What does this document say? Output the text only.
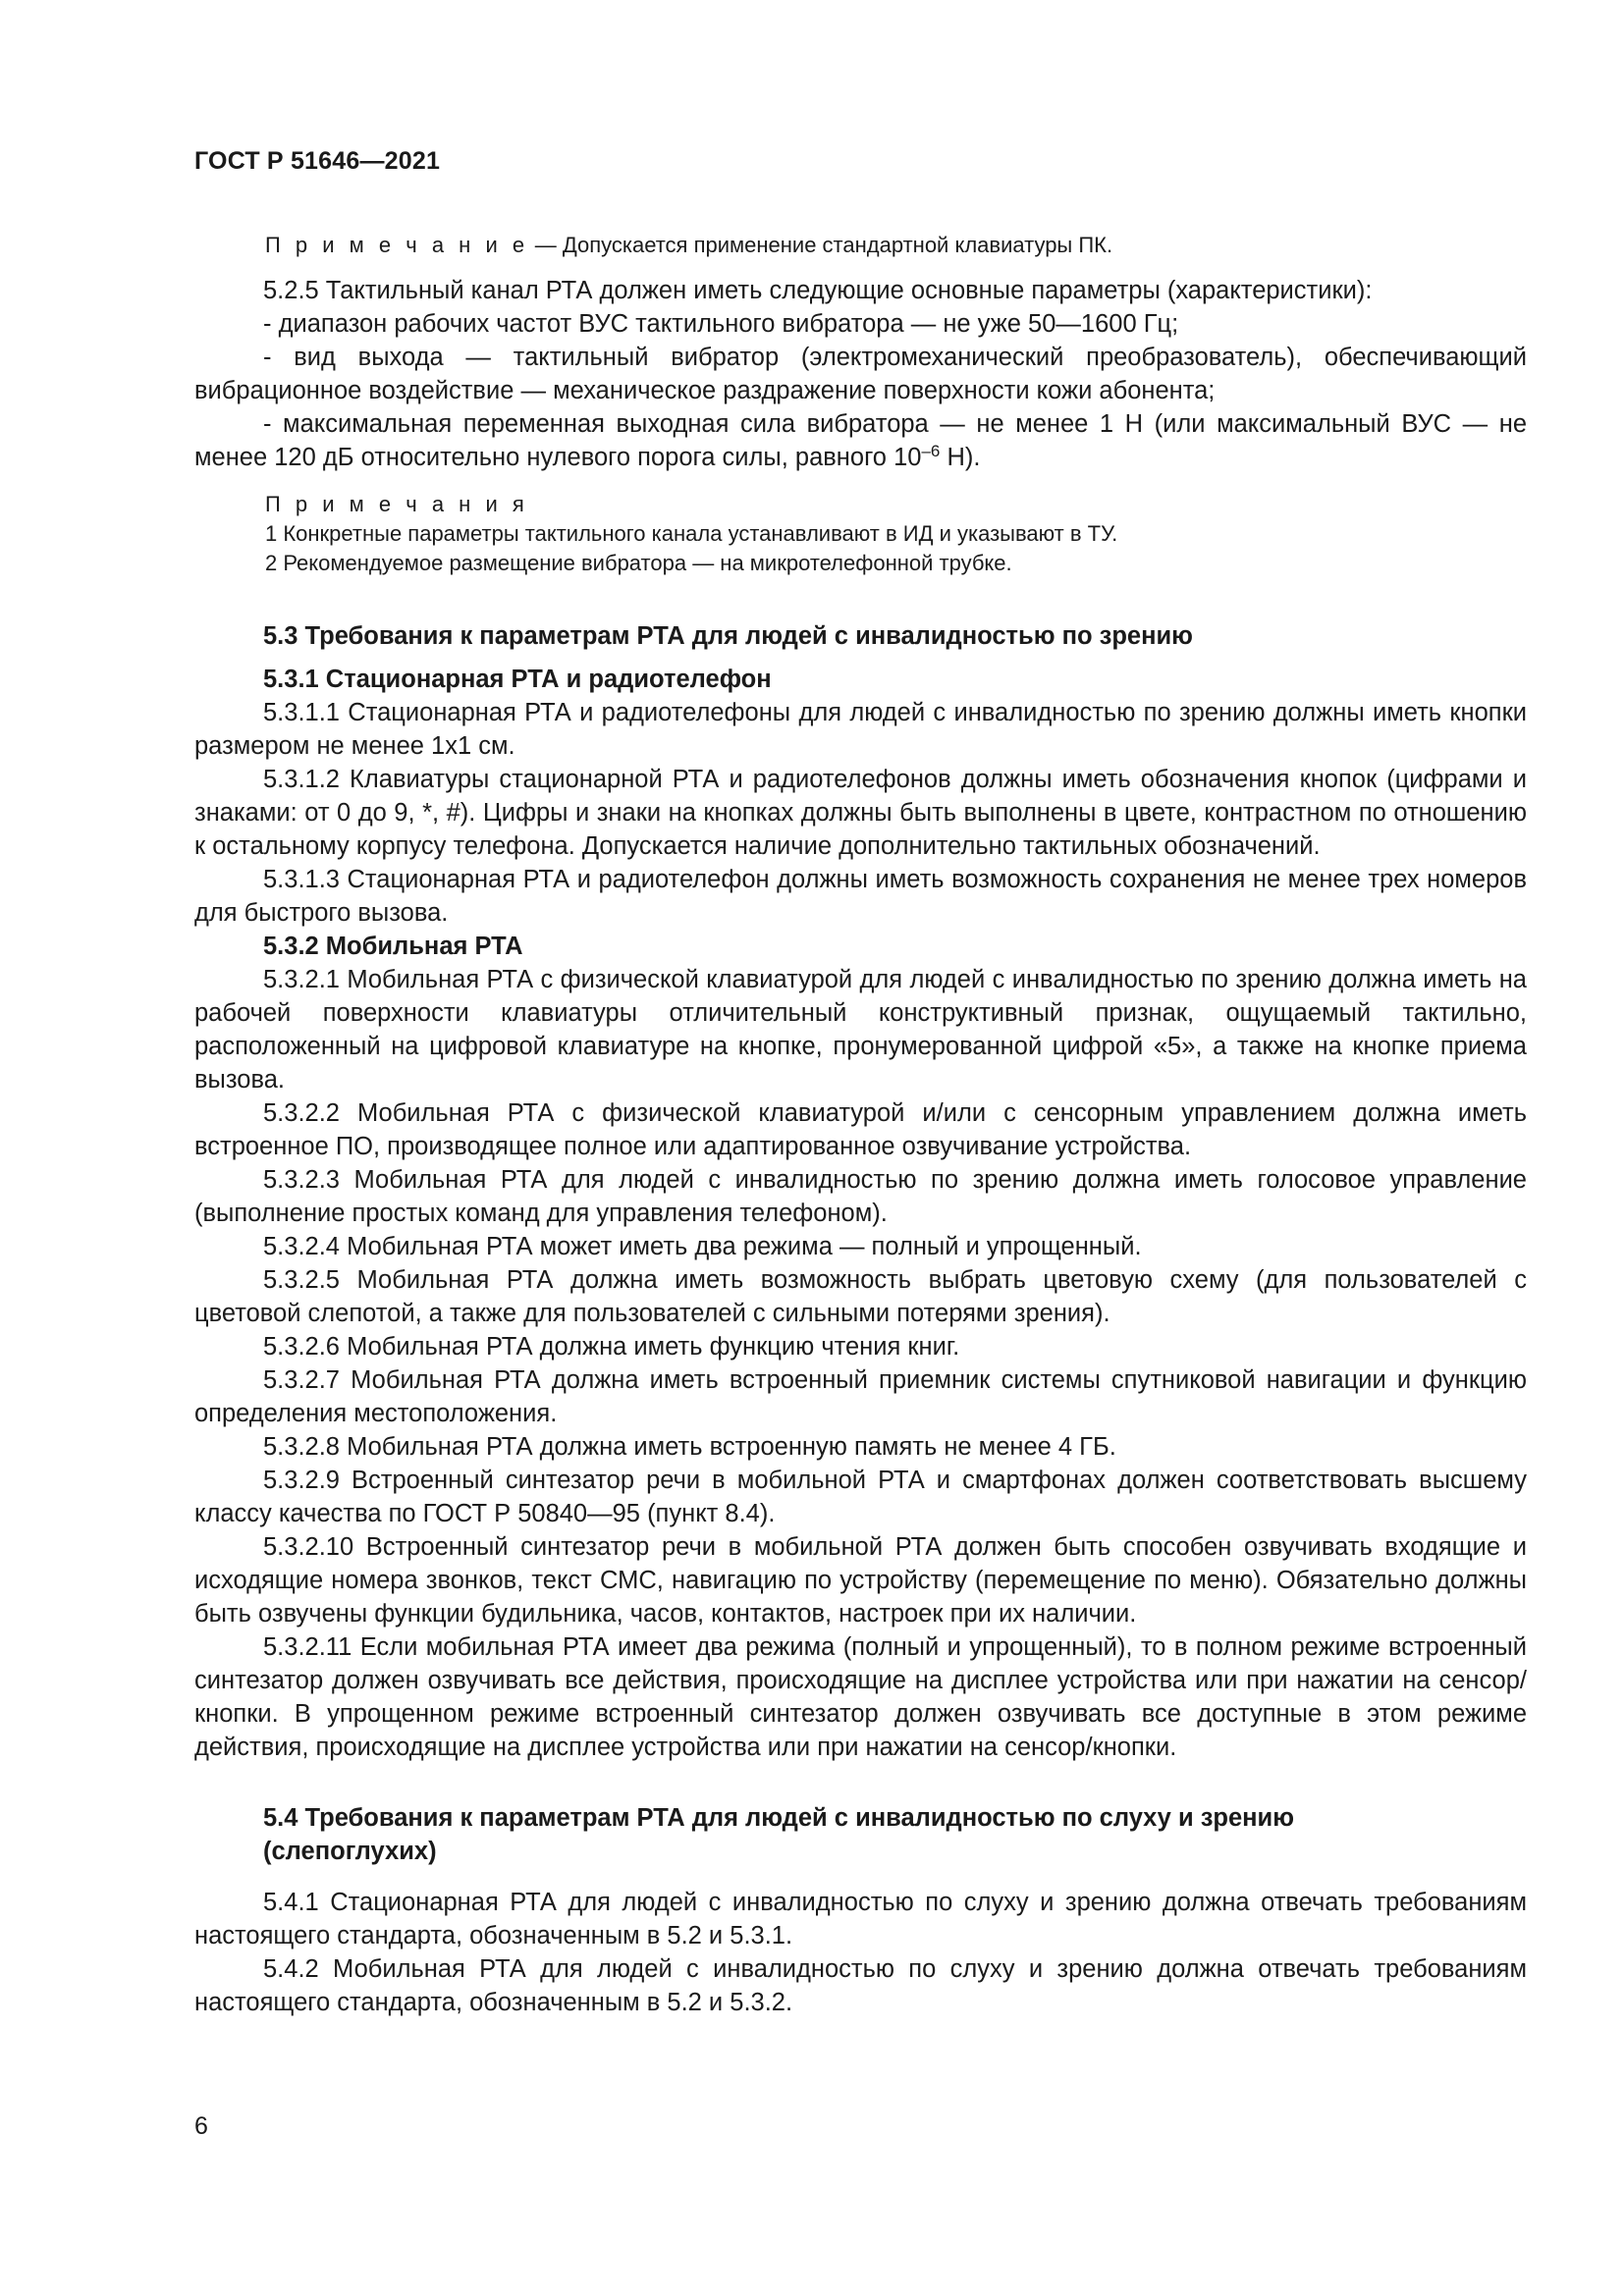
ГОСТ Р 51646—2021

П р и м е ч а н и е — Допускается применение стандартной клавиатуры ПК.

5.2.5 Тактильный канал РТА должен иметь следующие основные параметры (характеристики):

- диапазон рабочих частот ВУС тактильного вибратора — не уже 50—1600 Гц;

- вид выхода — тактильный вибратор (электромеханический преобразователь), обеспечивающий вибрационное воздействие — механическое раздражение поверхности кожи абонента;

- максимальная переменная выходная сила вибратора — не менее 1 Н (или максимальный ВУС — не менее 120 дБ относительно нулевого порога силы, равного $10^{-6}$ Н).

П р и м е ч а н и я

1 Конкретные параметры тактильного канала устанавливают в ИД и указывают в ТУ.

2 Рекомендуемое размещение вибратора — на микротелефонной трубке.

5.3 Требования к параметрам РТА для людей с инвалидностью по зрению

5.3.1 Стационарная РТА и радиотелефон

5.3.1.1 Стационарная РТА и радиотелефоны для людей с инвалидностью по зрению должны иметь кнопки размером не менее 1х1 см.

5.3.1.2 Клавиатуры стационарной РТА и радиотелефонов должны иметь обозначения кнопок (цифрами и знаками: от 0 до 9, *, #). Цифры и знаки на кнопках должны быть выполнены в цвете, контрастном по отношению к остальному корпусу телефона. Допускается наличие дополнительно тактильных обозначений.

5.3.1.3 Стационарная РТА и радиотелефон должны иметь возможность сохранения не менее трех номеров для быстрого вызова.

5.3.2 Мобильная РТА

5.3.2.1 Мобильная РТА с физической клавиатурой для людей с инвалидностью по зрению должна иметь на рабочей поверхности клавиатуры отличительный конструктивный признак, ощущаемый тактильно, расположенный на цифровой клавиатуре на кнопке, пронумерованной цифрой «5», а также на кнопке приема вызова.

5.3.2.2 Мобильная РТА с физической клавиатурой и/или с сенсорным управлением должна иметь встроенное ПО, производящее полное или адаптированное озвучивание устройства.

5.3.2.3 Мобильная РТА для людей с инвалидностью по зрению должна иметь голосовое управление (выполнение простых команд для управления телефоном).

5.3.2.4 Мобильная РТА может иметь два режима — полный и упрощенный.

5.3.2.5 Мобильная РТА должна иметь возможность выбрать цветовую схему (для пользователей с цветовой слепотой, а также для пользователей с сильными потерями зрения).

5.3.2.6 Мобильная РТА должна иметь функцию чтения книг.

5.3.2.7 Мобильная РТА должна иметь встроенный приемник системы спутниковой навигации и функцию определения местоположения.

5.3.2.8 Мобильная РТА должна иметь встроенную память не менее 4 ГБ.

5.3.2.9 Встроенный синтезатор речи в мобильной РТА и смартфонах должен соответствовать высшему классу качества по ГОСТ Р 50840—95 (пункт 8.4).

5.3.2.10 Встроенный синтезатор речи в мобильной РТА должен быть способен озвучивать входящие и исходящие номера звонков, текст СМС, навигацию по устройству (перемещение по меню). Обязательно должны быть озвучены функции будильника, часов, контактов, настроек при их наличии.

5.3.2.11 Если мобильная РТА имеет два режима (полный и упрощенный), то в полном режиме встроенный синтезатор должен озвучивать все действия, происходящие на дисплее устройства или при нажатии на сенсор/кнопки. В упрощенном режиме встроенный синтезатор должен озвучивать все доступные в этом режиме действия, происходящие на дисплее устройства или при нажатии на сенсор/кнопки.

5.4 Требования к параметрам РТА для людей с инвалидностью по слуху и зрению

(слепоглухих)

5.4.1 Стационарная РТА для людей с инвалидностью по слуху и зрению должна отвечать требованиям настоящего стандарта, обозначенным в 5.2 и 5.3.1.

5.4.2 Мобильная РТА для людей с инвалидностью по слуху и зрению должна отвечать требованиям настоящего стандарта, обозначенным в 5.2 и 5.3.2.

6
